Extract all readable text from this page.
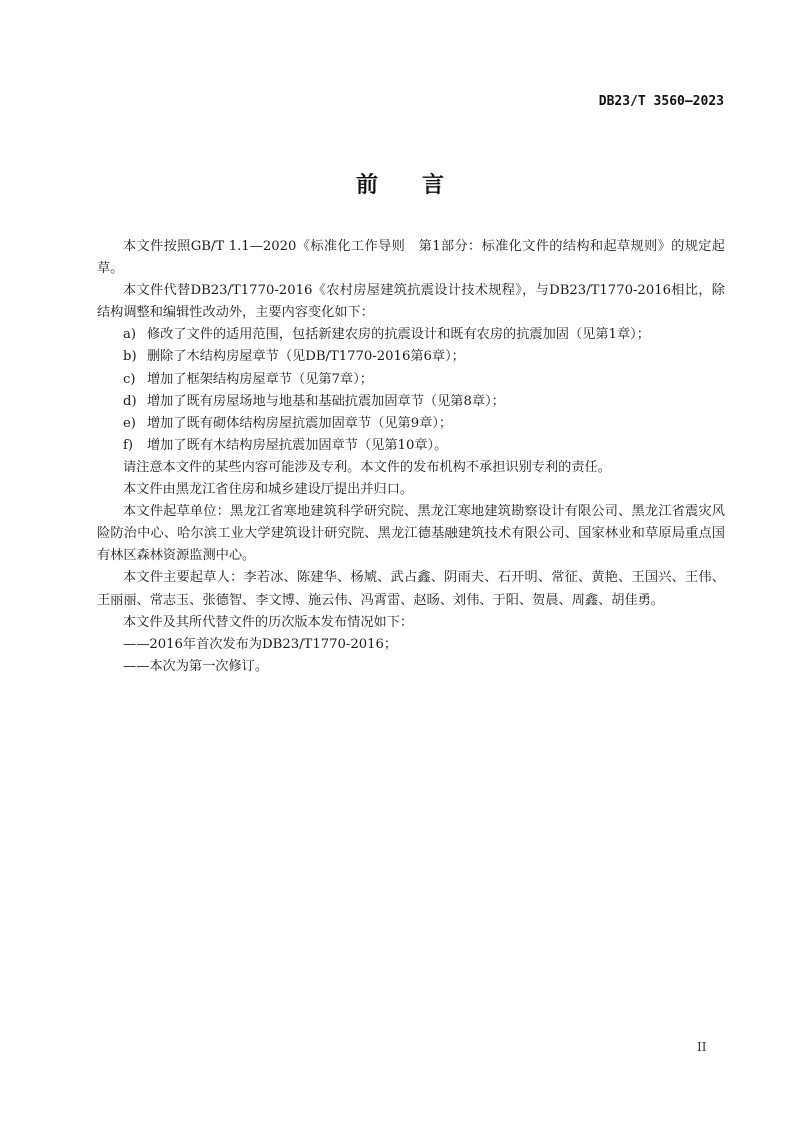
DB23/T 3560—2023
前 言

本文件按照GB/T 1.1—2020《标准化工作导则　第1部分：标准化文件的结构和起草规则》的规定起草。

本文件代替DB23/T1770-2016《农村房屋建筑抗震设计技术规程》，与DB23/T1770-2016相比，除结构调整和编辑性改动外，主要内容变化如下：

a) 修改了文件的适用范围，包括新建农房的抗震设计和既有农房的抗震加固（见第1章）；
b) 删除了木结构房屋章节（见DB/T1770-2016第6章）；
c) 增加了框架结构房屋章节（见第7章）；
d) 增加了既有房屋场地与地基和基础抗震加固章节（见第8章）；
e) 增加了既有砌体结构房屋抗震加固章节（见第9章）；
f)	增加了既有木结构房屋抗震加固章节（见第10章）。

请注意本文件的某些内容可能涉及专利。本文件的发布机构不承担识别专利的责任。

本文件由黑龙江省住房和城乡建设厅提出并归口。

本文件起草单位：黑龙江省寒地建筑科学研究院、黑龙江寒地建筑勘察设计有限公司、黑龙江省震灾风险防治中心、哈尔滨工业大学建筑设计研究院、黑龙江德基融建筑技术有限公司、国家林业和草原局重点国有林区森林资源监测中心。

本文件主要起草人：李若冰、陈建华、杨虓、武占鑫、阴雨夫、石开明、常征、黄艳、王国兴、王伟、王丽丽、常志玉、张德智、李文博、施云伟、冯霄雷、赵旸、刘伟、于阳、贺晨、周鑫、胡佳勇。

本文件及其所代替文件的历次版本发布情况如下：

——2016年首次发布为DB23/T1770-2016；

——本次为第一次修订。

II
